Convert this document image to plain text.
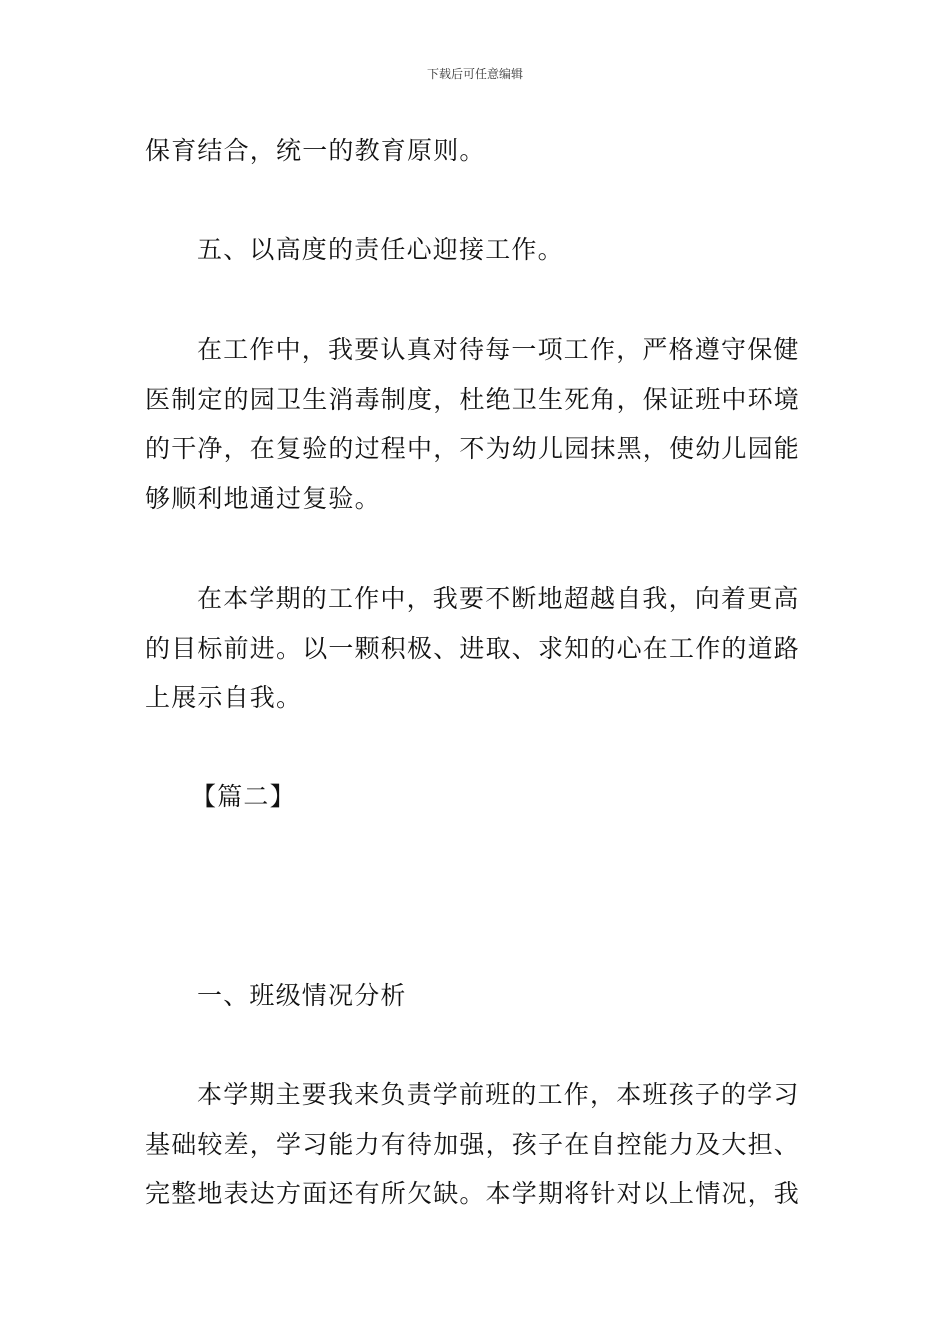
下载后可任意编辑
保育结合，统一的教育原则。
五、以高度的责任心迎接工作。
在工作中，我要认真对待每一项工作，严格遵守保健
医制定的园卫生消毒制度，杜绝卫生死角，保证班中环境
的干净，在复验的过程中，不为幼儿园抹黑，使幼儿园能
够顺利地通过复验。
在本学期的工作中，我要不断地超越自我，向着更高
的目标前进。以一颗积极、进取、求知的心在工作的道路
上展示自我。
【篇二】
一、班级情况分析
本学期主要我来负责学前班的工作，本班孩子的学习
基础较差，学习能力有待加强，孩子在自控能力及大担、
完整地表达方面还有所欠缺。本学期将针对以上情况，我
